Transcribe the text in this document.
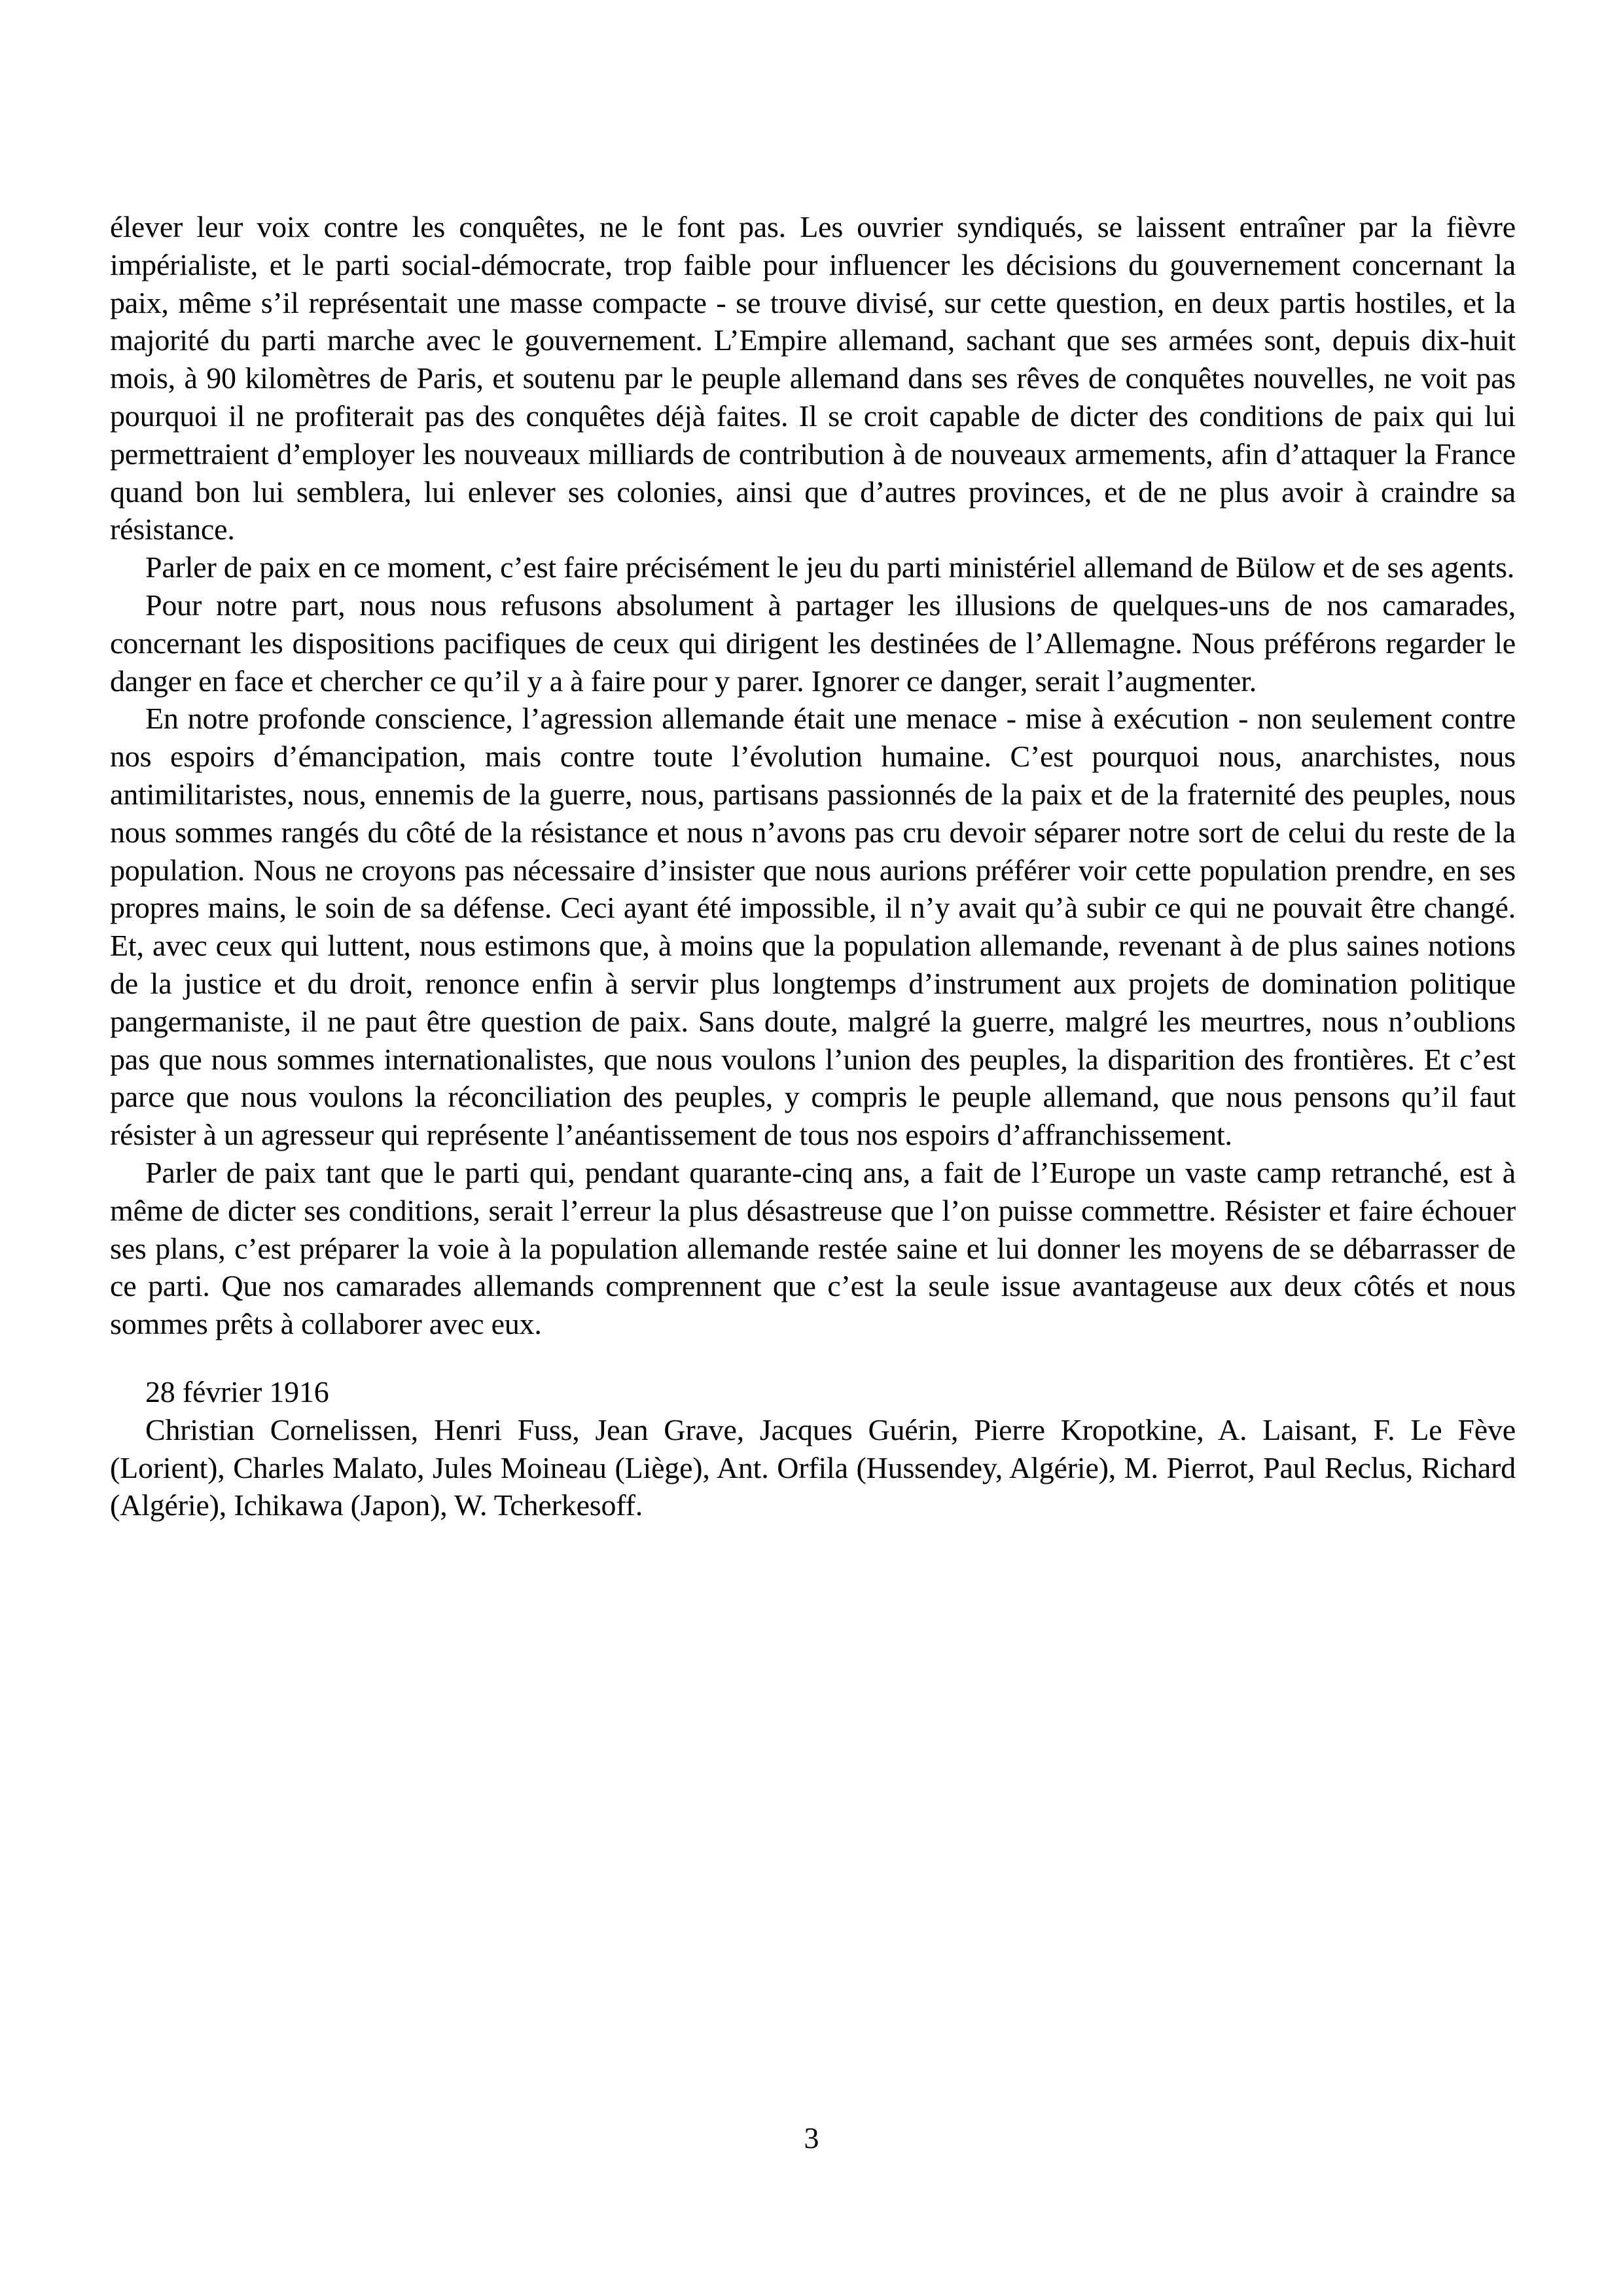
élever leur voix contre les conquêtes, ne le font pas. Les ouvrier syndiqués, se laissent entraîner par la fièvre impérialiste, et le parti social-démocrate, trop faible pour influencer les décisions du gouvernement concernant la paix, même s’il représentait une masse compacte - se trouve divisé, sur cette question, en deux partis hostiles, et la majorité du parti marche avec le gouvernement. L’Empire allemand, sachant que ses armées sont, depuis dix-huit mois, à 90 kilomètres de Paris, et soutenu par le peuple allemand dans ses rêves de conquêtes nouvelles, ne voit pas pourquoi il ne profiterait pas des conquêtes déjà faites. Il se croit capable de dicter des conditions de paix qui lui permettraient d’employer les nouveaux milliards de contribution à de nouveaux armements, afin d’attaquer la France quand bon lui semblera, lui enlever ses colonies, ainsi que d’autres provinces, et de ne plus avoir à craindre sa résistance.

Parler de paix en ce moment, c’est faire précisément le jeu du parti ministériel allemand de Bülow et de ses agents.

Pour notre part, nous nous refusons absolument à partager les illusions de quelques-uns de nos camarades, concernant les dispositions pacifiques de ceux qui dirigent les destinées de l’Allemagne. Nous préférons regarder le danger en face et chercher ce qu’il y a à faire pour y parer. Ignorer ce danger, serait l’augmenter.

En notre profonde conscience, l’agression allemande était une menace - mise à exécution - non seulement contre nos espoirs d’émancipation, mais contre toute l’évolution humaine. C’est pourquoi nous, anarchistes, nous antimilitaristes, nous, ennemis de la guerre, nous, partisans passionnés de la paix et de la fraternité des peuples, nous nous sommes rangés du côté de la résistance et nous n’avons pas cru devoir séparer notre sort de celui du reste de la population. Nous ne croyons pas nécessaire d’insister que nous aurions préférer voir cette population prendre, en ses propres mains, le soin de sa défense. Ceci ayant été impossible, il n’y avait qu’à subir ce qui ne pouvait être changé. Et, avec ceux qui luttent, nous estimons que, à moins que la population allemande, revenant à de plus saines notions de la justice et du droit, renonce enfin à servir plus longtemps d’instrument aux projets de domination politique pangermaniste, il ne paut être question de paix. Sans doute, malgré la guerre, malgré les meurtres, nous n’oublions pas que nous sommes internationalistes, que nous voulons l’union des peuples, la disparition des frontières. Et c’est parce que nous voulons la réconciliation des peuples, y compris le peuple allemand, que nous pensons qu’il faut résister à un agresseur qui représente l’anéantissement de tous nos espoirs d’affranchissement.

Parler de paix tant que le parti qui, pendant quarante-cinq ans, a fait de l’Europe un vaste camp retranché, est à même de dicter ses conditions, serait l’erreur la plus désastreuse que l’on puisse commettre. Résister et faire échouer ses plans, c’est préparer la voie à la population allemande restée saine et lui donner les moyens de se débarrasser de ce parti. Que nos camarades allemands comprennent que c’est la seule issue avantageuse aux deux côtés et nous sommes prêts à collaborer avec eux.

28 février 1916

Christian Cornelissen, Henri Fuss, Jean Grave, Jacques Guérin, Pierre Kropotkine, A. Laisant, F. Le Fève (Lorient), Charles Malato, Jules Moineau (Liège), Ant. Orfila (Hussendey, Algérie), M. Pierrot, Paul Reclus, Richard (Algérie), Ichikawa (Japon), W. Tcherkesoff.

3
